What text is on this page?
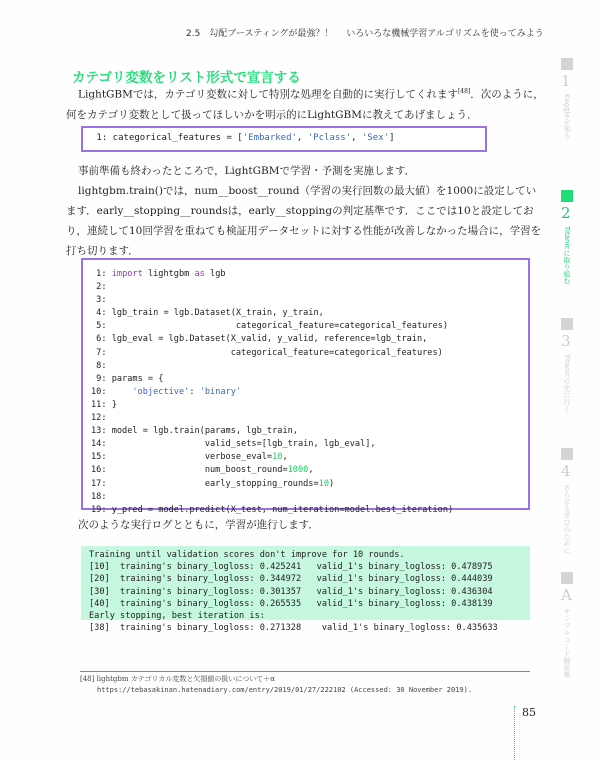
2.5 勾配ブースティングが最強？！ いろいろな機械学習アルゴリズムを使ってみよう
カテゴリ変数をリスト形式で宣言する
LightGBMでは，カテゴリ変数に対して特別な処理を自動的に実行してくれます[48]．次のように，何をカテゴリ変数として扱ってほしいかを明示的にLightGBMに教えてあげましょう．
1: categorical_features = ['Embarked', 'Pclass', 'Sex']
事前準備も終わったところで，LightGBMで学習・予測を実施します．
lightgbm.train()では，num__boost__round（学習の実行回数の最大値）を1000に設定しています．early__stopping__roundsは，early__stoppingの判定基準です．ここでは10と設定しており，連続して10回学習を重ねても検証用データセットに対する性能が改善しなかった場合に，学習を打ち切ります．
1: import lightgbm as lgb
2:
3:
4: lgb_train = lgb.Dataset(X_train, y_train,
5:                         categorical_feature=categorical_features)
6: lgb_eval = lgb.Dataset(X_valid, y_valid, reference=lgb_train,
7:                        categorical_feature=categorical_features)
8:
9: params = {
10:	'objective': 'binary'
11: }
12:
13: model = lgb.train(params, lgb_train,
14:                   valid_sets=[lgb_train, lgb_eval],
15:                   verbose_eval=10,
16:                   num_boost_round=1000,
17:                   early_stopping_rounds=10)
18:
19: y_pred = model.predict(X_test, num_iteration=model.best_iteration)
次のような実行ログとともに，学習が進行します．
Training until validation scores don't improve for 10 rounds.
[10]  training's binary_logloss: 0.425241   valid_1's binary_logloss: 0.478975
[20]  training's binary_logloss: 0.344972   valid_1's binary_logloss: 0.444039
[30]  training's binary_logloss: 0.301357   valid_1's binary_logloss: 0.436304
[40]  training's binary_logloss: 0.265535   valid_1's binary_logloss: 0.438139
Early stopping, best iteration is:
[38]  training's binary_logloss: 0.271328    valid_1's binary_logloss: 0.435633
[48] lightgbm カテゴリカル変数と欠損値の扱いについて＋α
https://tebasakinan.hatenadiary.com/entry/2019/01/27/222102 (Accessed: 30 November 2019).
85
1
Kaggleを知る
2
Titanicに取り組む
3
Titanicの先に行く
4
さらなる学びのために
A
サンプルコード解説集
